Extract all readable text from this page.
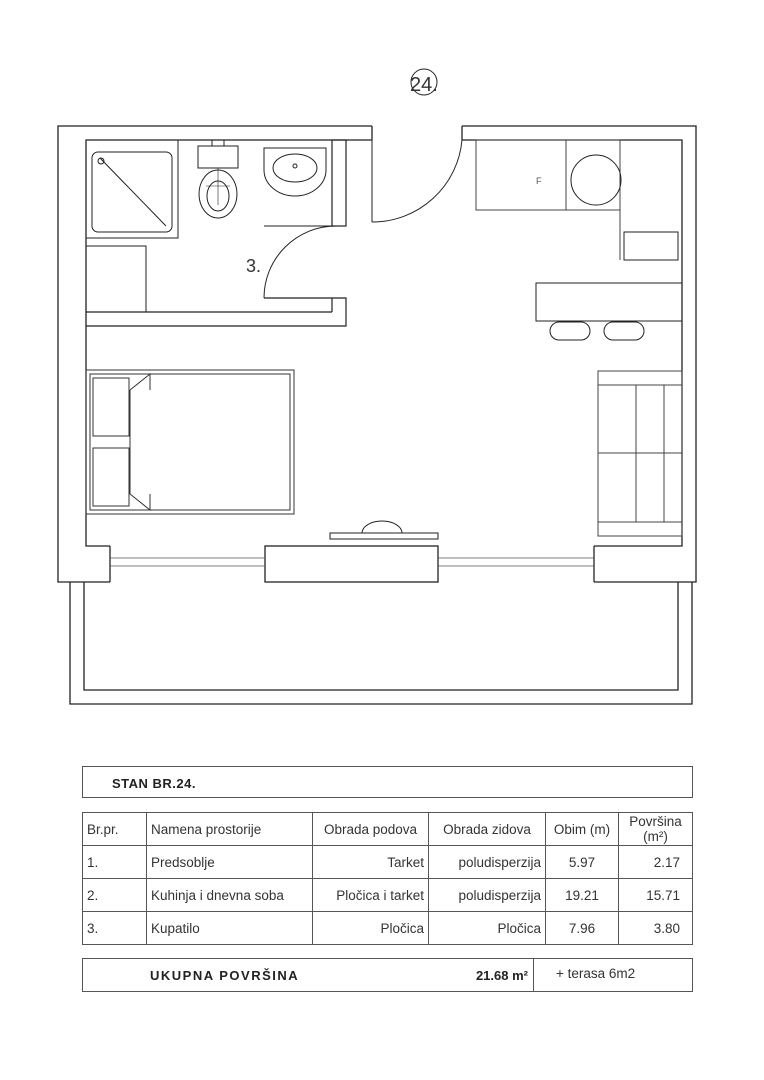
24.
3.
F
STAN BR.24.
Br.pr.	Namena prostorije	Obrada podova	Obrada zidova	Obim (m)	Površina (m²)
1.	Predsoblje	Tarket	poludisperzija	5.97	2.17
2.	Kuhinja i dnevna soba	Pločica i tarket	poludisperzija	19.21	15.71
3.	Kupatilo	Pločica	Pločica	7.96	3.80
UKUPNA POVRŠINA	21.68 m² + terasa 6m2
